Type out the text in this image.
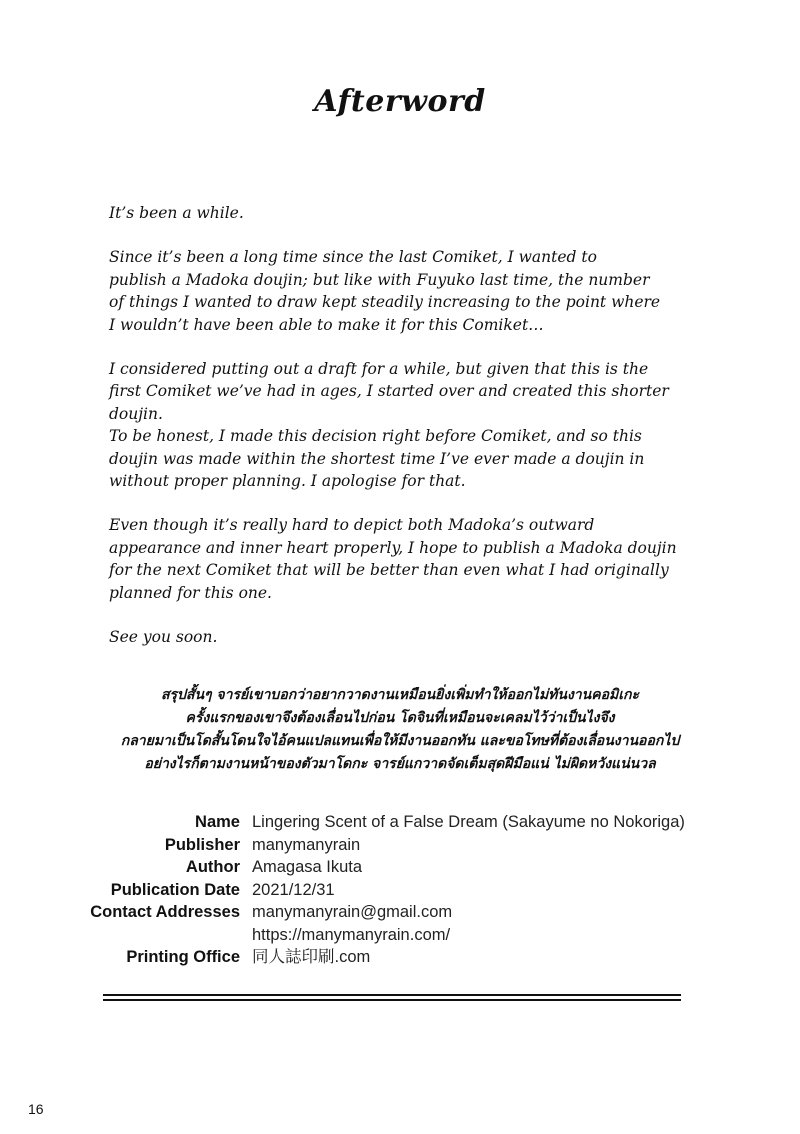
Afterword

It’s been a while.

Since it’s been a long time since the last Comiket, I wanted to
publish a Madoka doujin; but like with Fuyuko last time, the number
of things I wanted to draw kept steadily increasing to the point where
I wouldn’t have been able to make it for this Comiket…

I considered putting out a draft for a while, but given that this is the
first Comiket we’ve had in ages, I started over and created this shorter
doujin.

To be honest, I made this decision right before Comiket, and so this
doujin was made within the shortest time I’ve ever made a doujin in
without proper planning. I apologise for that.

Even though it’s really hard to depict both Madoka’s outward
appearance and inner heart properly, I hope to publish a Madoka doujin
for the next Comiket that will be better than even what I had originally
planned for this one.

See you soon.

สรุปสั้นๆ จารย์เขาบอกว่าอยากวาดงานเหมือนยิ่งเพิ่มทำให้ออกไม่ทันงานคอมิเกะ
ครั้งแรกของเขาจึงต้องเลื่อนไปก่อน โดจินที่เหมือนจะเคลมไว้ว่าเป็นไงจึง
กลายมาเป็นโดสั้นโดนใจไอ้คนแปลแทนเพื่อให้มีงานออกทัน และขอโทษที่ต้องเลื่อนงานออกไป
อย่างไรก็ตามงานหน้าของตัวมาโดกะ จารย์แกวาดจัดเต็มสุดฝีมือแน่ ไม่ผิดหวังแน่นวล
Name Lingering Scent of a False Dream (Sakayume no Nokoriga)
Publisher manymanyrain
Author Amagasa Ikuta
Publication Date 2021/12/31
Contact Addresses manymanyrain@gmail.com
https://manymanyrain.com/
Printing Office 同人誌印刷.com
16
